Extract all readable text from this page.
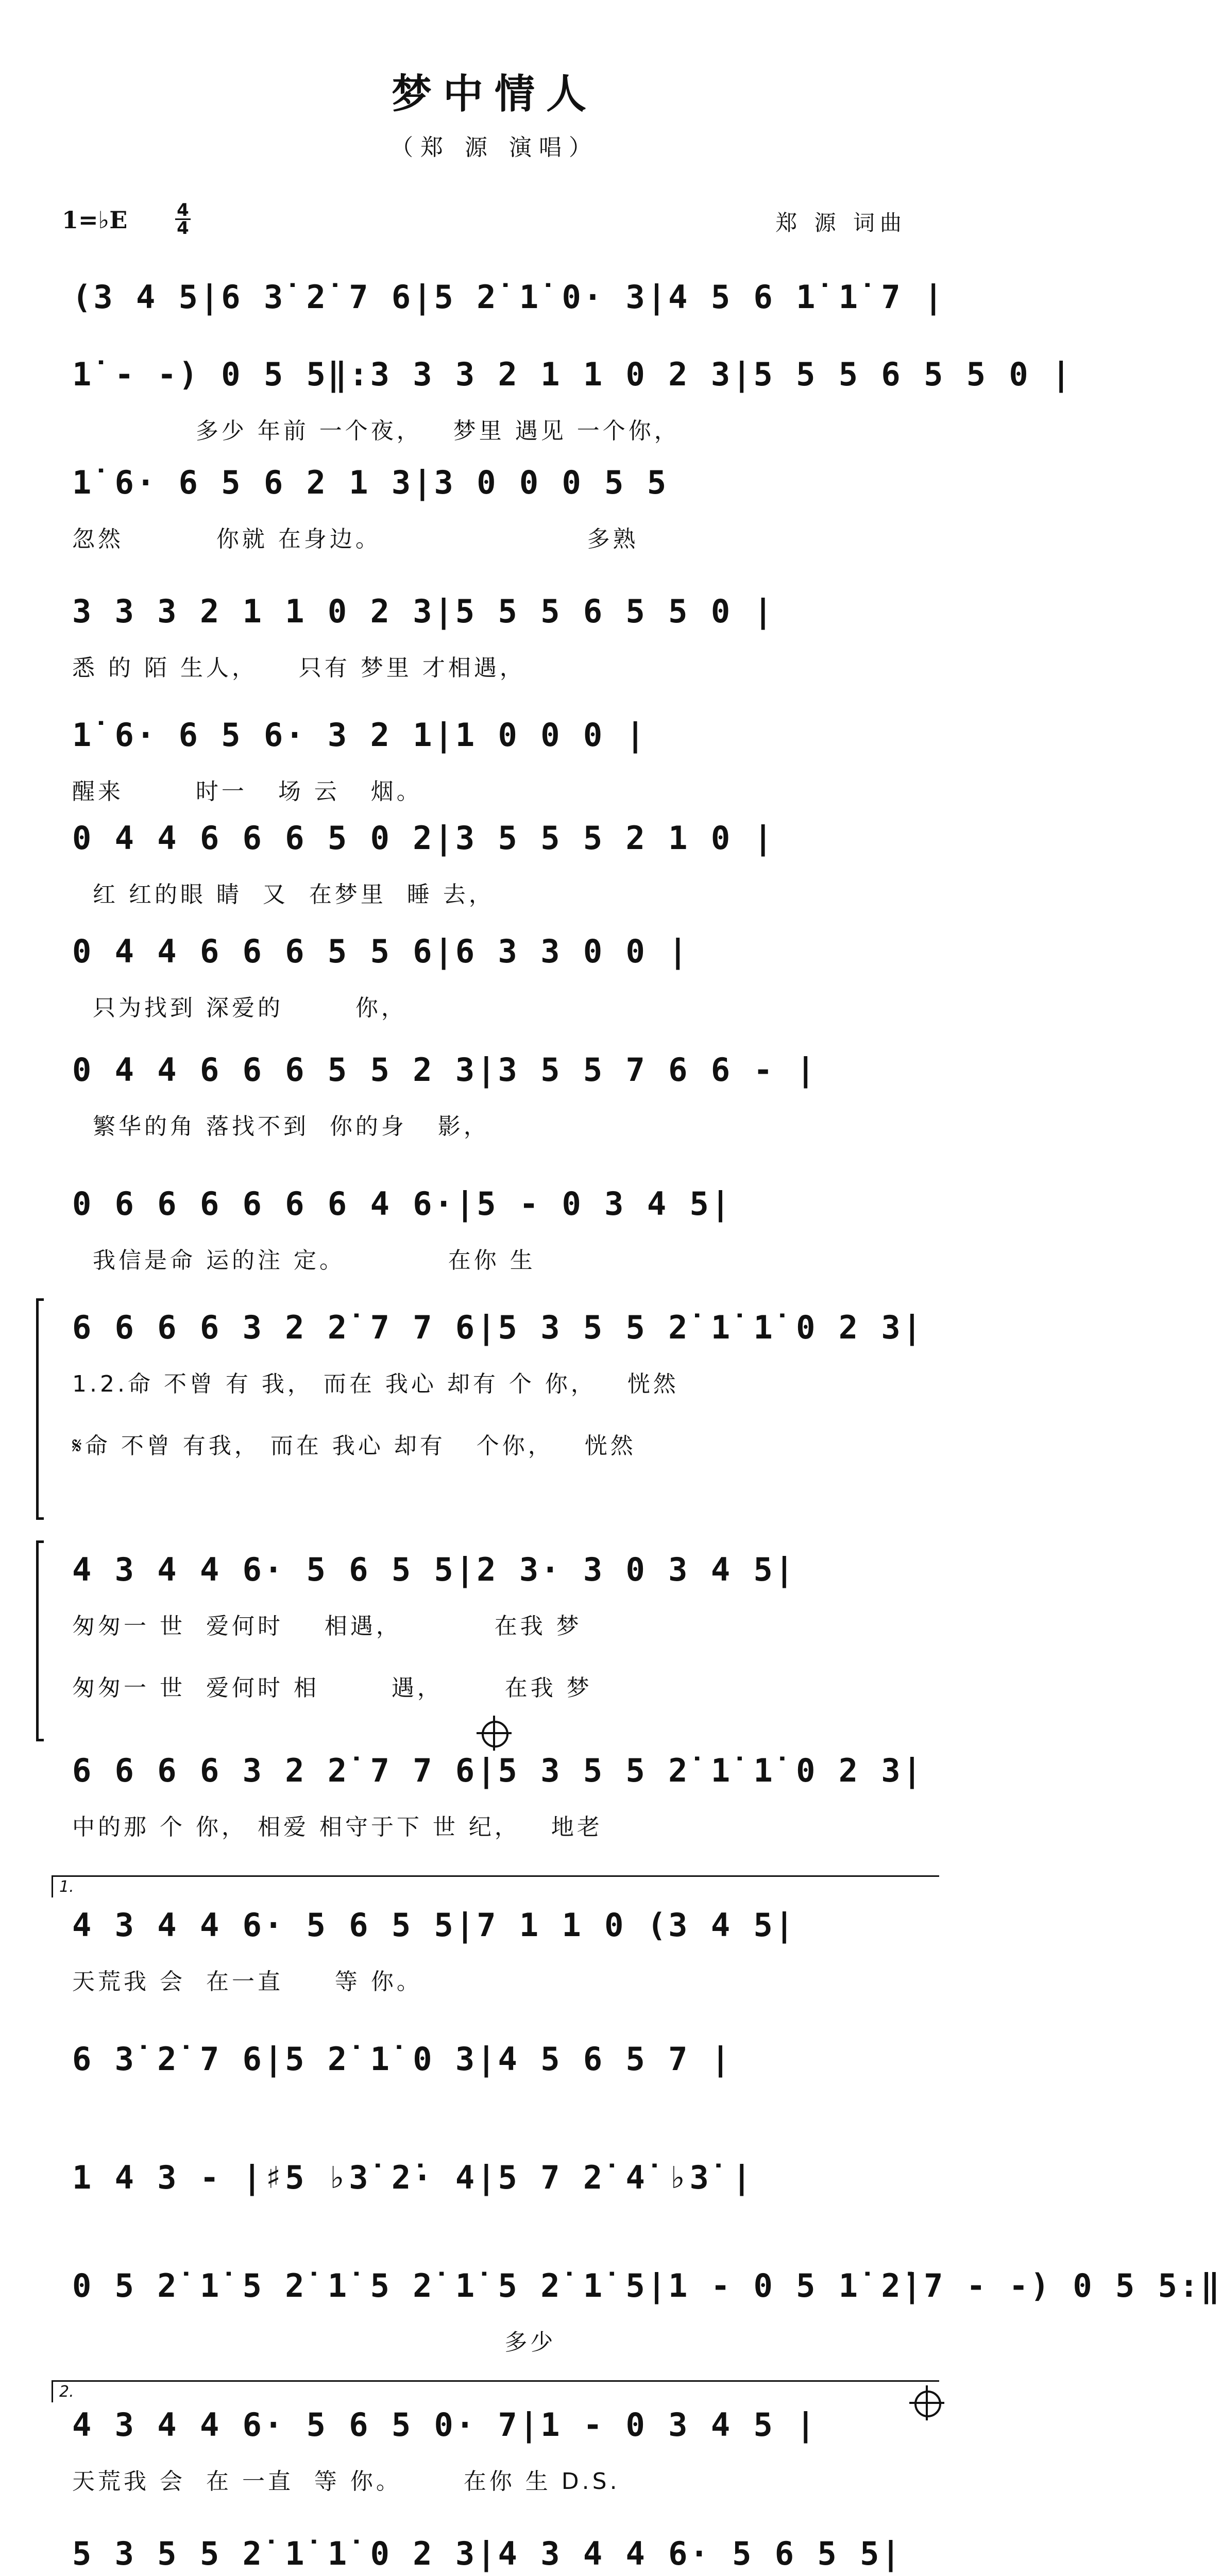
梦中情人
（郑 源 演唱）
1=♭E	4
4	郑 源 词曲
(3 4 5|6 3̇ 2̇ 7 6|5 2̇ 1̇ 0· 3|4 5 6 1̇ 1̇ 7 |
1̇ - -) 0 5 5‖:3 3 3 2 1 1 0 2 3|5 5 5 6 5 5 0 |
多少 年前 一个夜，   梦里 遇见 一个你，
1̇ 6· 6 5 6 2 1 3|3 0 0 0 5 5
忽然         你就 在身边。                    多熟
3 3 3 2 1 1 0 2 3|5 5 5 6 5 5 0 |
悉 的 陌 生人，    只有 梦里 才相遇，
1̇ 6· 6 5 6· 3 2 1|1 0 0 0 |
醒来       时一   场 云   烟。
0 4 4 6 6 6 5 0 2|3 5 5 5 2 1 0 |
红 红的眼 睛  又  在梦里  睡 去，
0 4 4 6 6 6 5 5 6|6 3 3 0 0 |
只为找到 深爱的       你，
0 4 4 6 6 6 5 5 2 3|3 5 5 7 6 6 - |
繁华的角 落找不到  你的身   影，
0 6 6 6 6 6 6 4 6·|5 - 0 3 4 5|
我信是命 运的注 定。          在你 生
6 6 6 6 3 2 2̇ 7 7 6|5 3 5 5 2̇ 1̇ 1̇ 0 2 3|
1.2.命 不曾 有 我， 而在 我心 却有 个 你，   恍然
𝄋命 不曾 有我， 而在 我心 却有   个你，   恍然
4 3 4 4 6· 5 6 5 5|2 3· 3 0 3 4 5|
匆匆一 世  爱何时    相遇，         在我 梦
匆匆一 世  爱何时 相       遇，      在我 梦
6 6 6 6 3 2 2̇ 7 7 6|5 3 5 5 2̇ 1̇ 1̇ 0 2 3|
中的那 个 你， 相爱 相守于下 世 纪，   地老
4 3 4 4 6· 5 6 5 5|7 1 1 0 (3 4 5|
天荒我 会  在一直     等 你。
6 3̇ 2̇ 7 6|5 2̇ 1̇ 0 3|4 5 6 5 7 |
1 4 3 - |♯5 ♭3̇ 2̇· 4|5 7 2̇ 4̇ ♭3̇ |
0 5 2̇ 1̇ 5 2̇ 1̇ 5 2̇ 1̇ 5 2̇ 1̇ 5|1 - 0 5 1̇ 2̇|7 - -) 0 5 5:‖
多少
4 3 4 4 6· 5 6 5 0· 7|1 - 0 3 4 5 |
天荒我 会  在 一直  等 你。      在你 生 D.S.
5 3 5 5 2̇ 1̇ 1̇ 0 2 3|4 3 4 4 6· 5 6 5 5|
1.
2.
